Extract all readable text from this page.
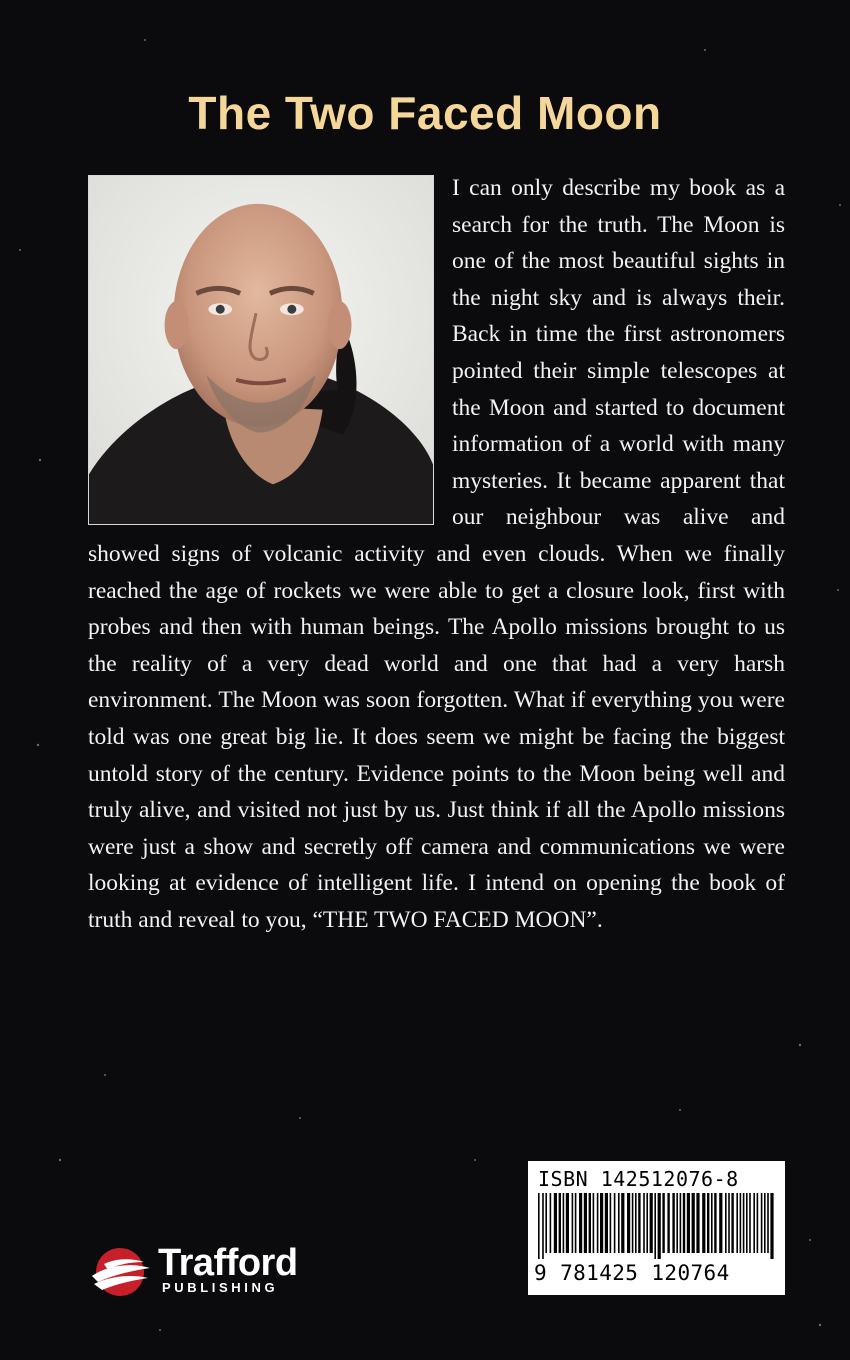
The Two Faced Moon

I can only describe my book as a search for the truth. The Moon is one of the most beautiful sights in the night sky and is always their. Back in time the first astronomers pointed their simple telescopes at the Moon and started to document information of a world with many mysteries. It became apparent that our neighbour was alive and showed signs of volcanic activity and even clouds. When we finally reached the age of rockets we were able to get a closure look, first with probes and then with human beings. The Apollo missions brought to us the reality of a very dead world and one that had a very harsh environment. The Moon was soon forgotten. What if everything you were told was one great big lie. It does seem we might be facing the biggest untold story of the century. Evidence points to the Moon being well and truly alive, and visited not just by us. Just think if all the Apollo missions were just a show and secretly off camera and communications we were looking at evidence of intelligent life. I intend on opening the book of truth and reveal to you, “THE TWO FACED MOON”.

Trafford
PUBLISHING
ISBN 142512076-8
9 781425 120764
